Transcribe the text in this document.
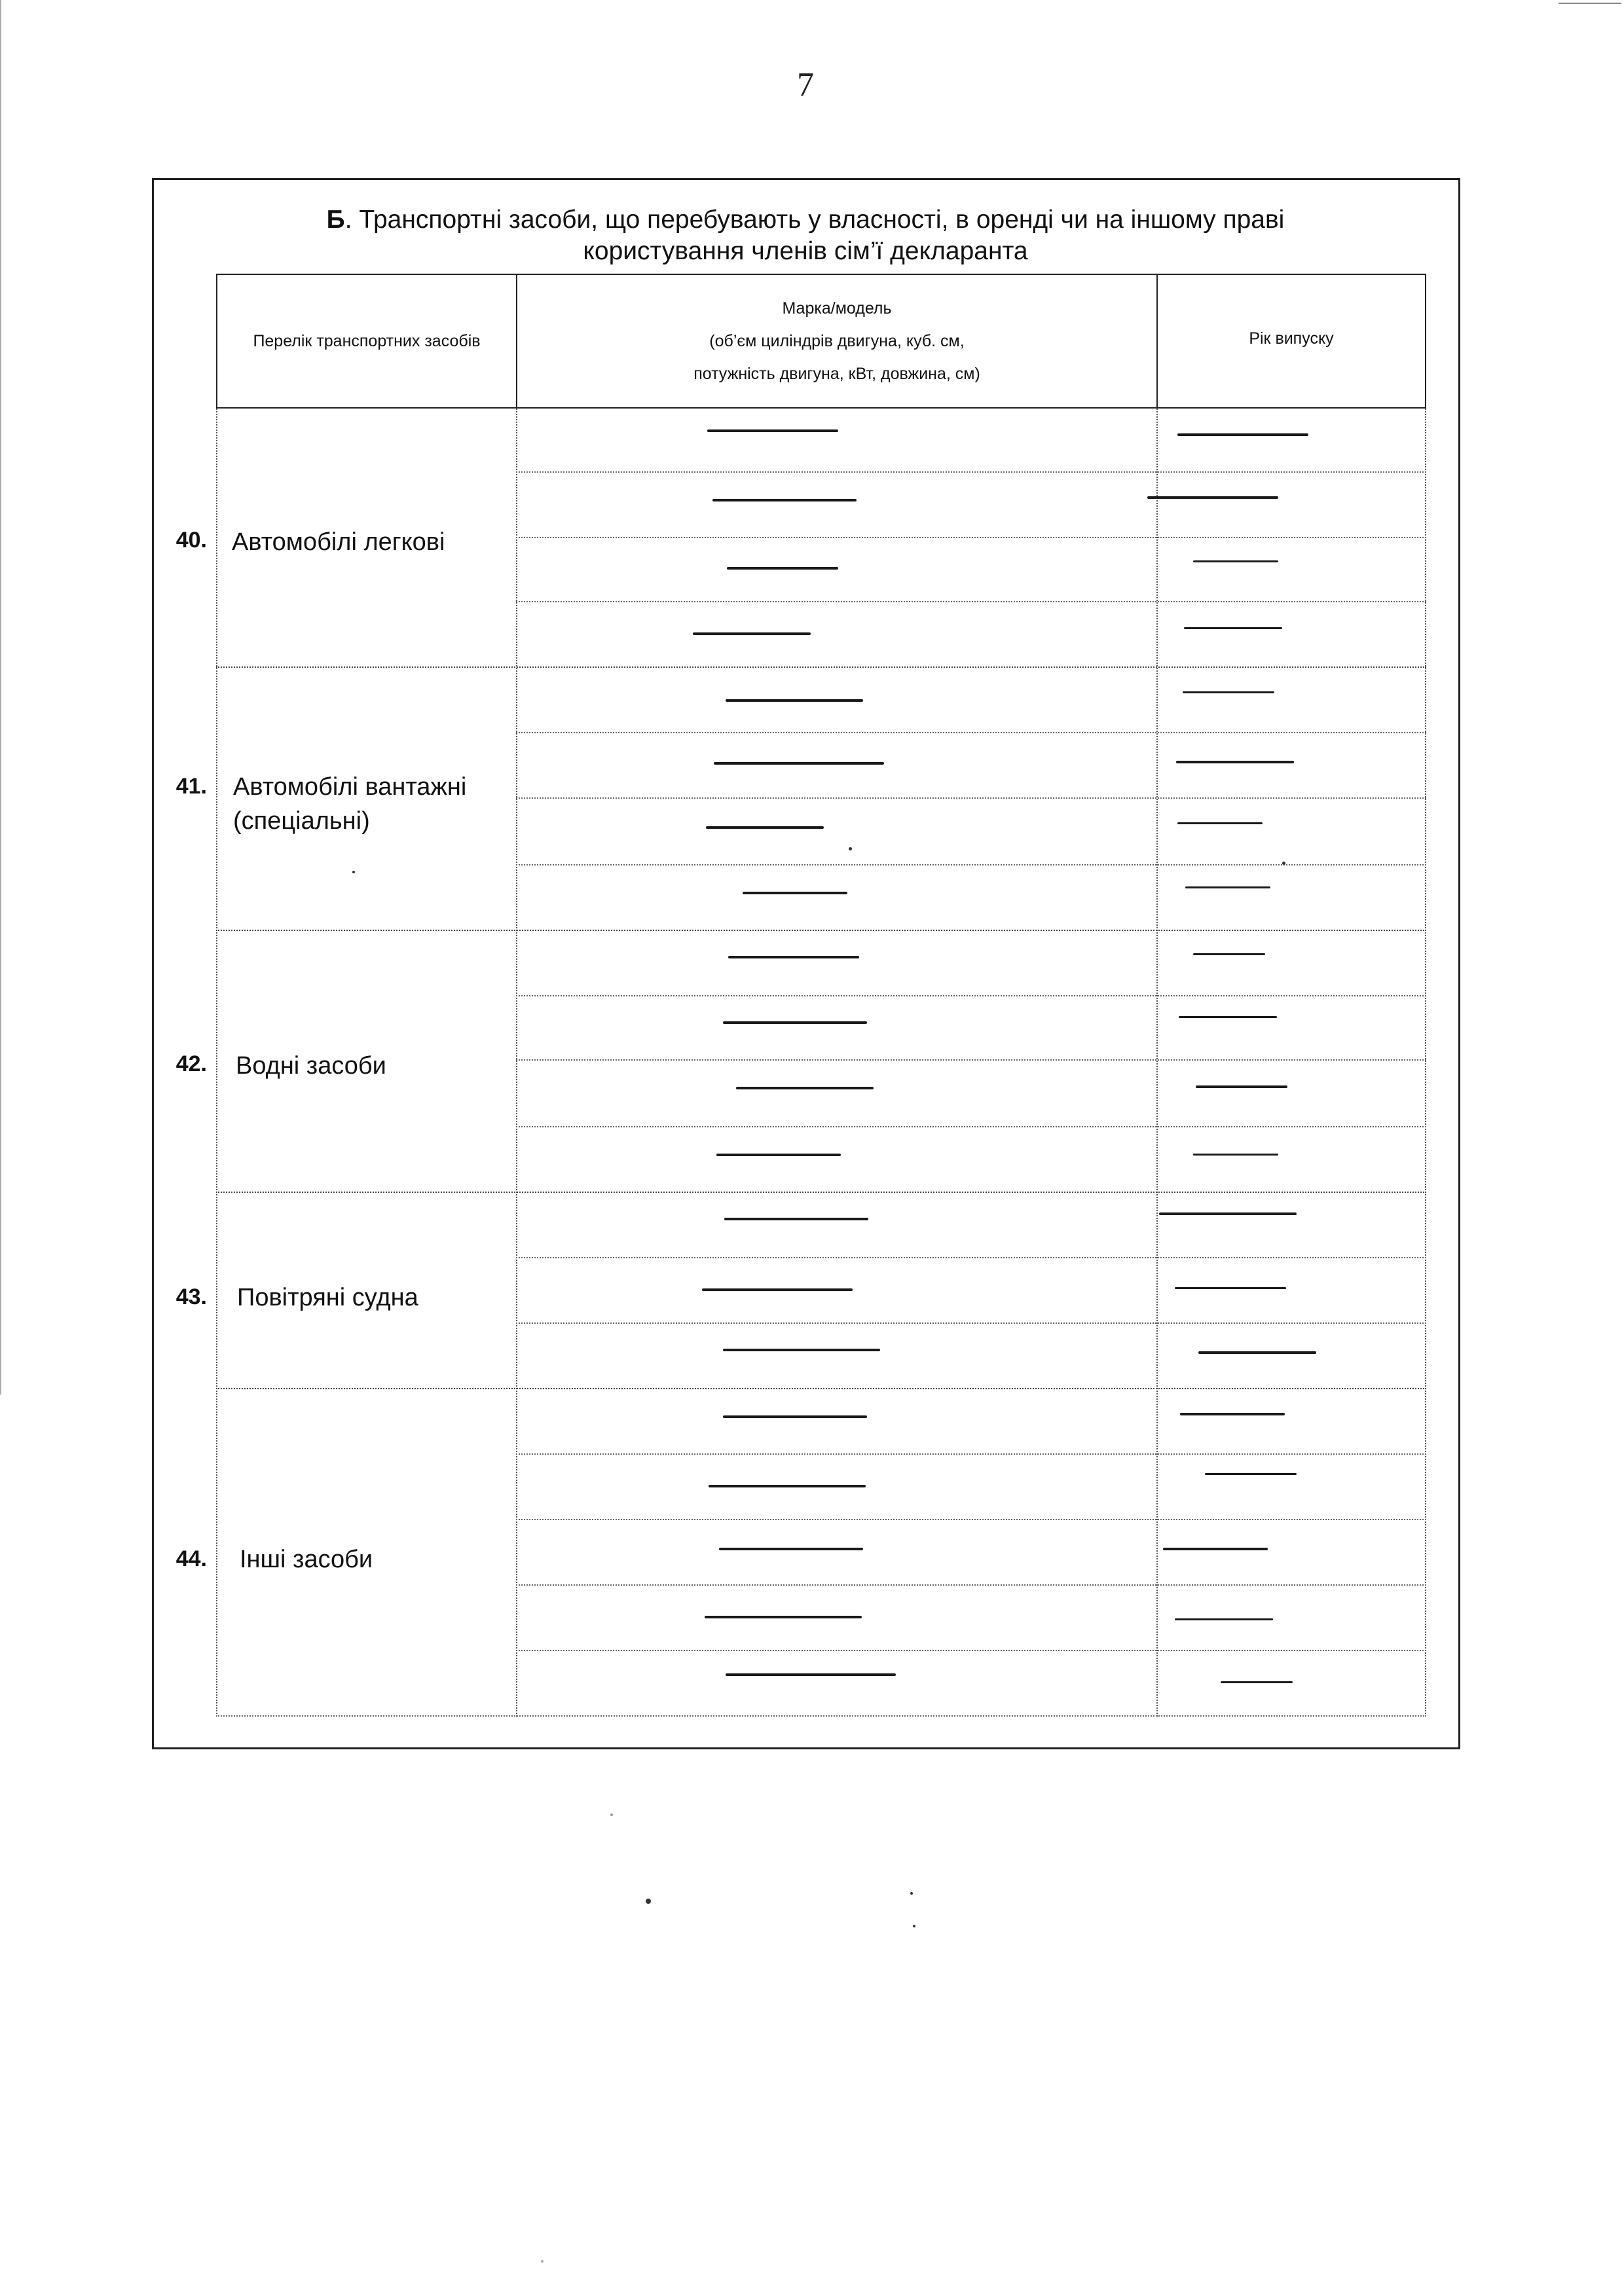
7
Б. Транспортні засоби, що перебувають у власності, в оренді чи на іншому праві
користування членів сім’ї декларанта
Перелік транспортних засобів
Марка/модель
(об’єм циліндрів двигуна, куб. см,
потужність двигуна, кВт, довжина, см)
Рік випуску
40. Автомобілі легкові
41. Автомобілі вантажні
(спеціальні)
42. Водні засоби
43. Повітряні судна
44. Інші засоби
